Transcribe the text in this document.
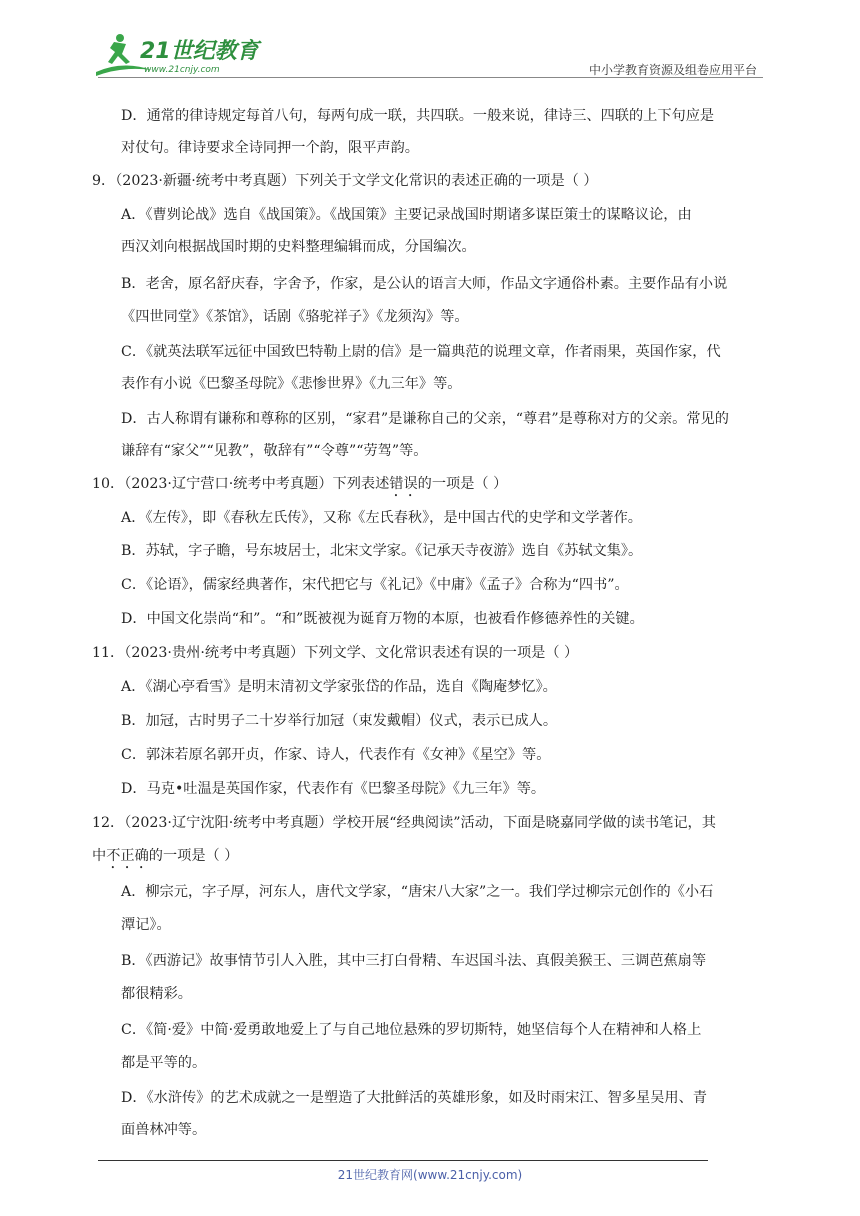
21世纪教育
www.21cnjy.com	中小学教育资源及组卷应用平台
D．通常的律诗规定每首八句，每两句成一联，共四联。一般来说，律诗三、四联的上下句应是
对仗句。律诗要求全诗同押一个韵，限平声韵。
9．（2023·新疆·统考中考真题）下列关于文学文化常识的表述正确的一项是（ ）
A．《曹刿论战》选自《战国策》。《战国策》主要记录战国时期诸多谋臣策士的谋略议论，由
西汉刘向根据战国时期的史料整理编辑而成，分国编次。
B．老舍，原名舒庆春，字舍予，作家，是公认的语言大师，作品文字通俗朴素。主要作品有小说
《四世同堂》《茶馆》，话剧《骆驼祥子》《龙须沟》等。
C．《就英法联军远征中国致巴特勒上尉的信》是一篇典范的说理文章，作者雨果，英国作家，代
表作有小说《巴黎圣母院》《悲惨世界》《九三年》等。
D．古人称谓有谦称和尊称的区别，“家君”是谦称自己的父亲，“尊君”是尊称对方的父亲。常见的
谦辞有“家父”“见教”，敬辞有”“令尊”“劳驾”等。
10．（2023·辽宁营口·统考中考真题）下列表述错误的一项是（ ）
A．《左传》，即《春秋左氏传》，又称《左氏春秋》，是中国古代的史学和文学著作。
B．苏轼，字子瞻，号东坡居士，北宋文学家。《记承天寺夜游》选自《苏轼文集》。
C．《论语》，儒家经典著作，宋代把它与《礼记》《中庸》《孟子》合称为“四书”。
D．中国文化崇尚“和”。“和”既被视为诞育万物的本原，也被看作修德养性的关键。
11．（2023·贵州·统考中考真题）下列文学、文化常识表述有误的一项是（ ）
A．《湖心亭看雪》是明末清初文学家张岱的作品，选自《陶庵梦忆》。
B．加冠，古时男子二十岁举行加冠（束发戴帽）仪式，表示已成人。
C．郭沫若原名郭开贞，作家、诗人，代表作有《女神》《星空》等。
D．马克•吐温是英国作家，代表作有《巴黎圣母院》《九三年》等。
12．（2023·辽宁沈阳·统考中考真题）学校开展“经典阅读”活动，下面是晓嘉同学做的读书笔记，其
中不正确的一项是（ ）
A．柳宗元，字子厚，河东人，唐代文学家，“唐宋八大家”之一。我们学过柳宗元创作的《小石
潭记》。
B．《西游记》故事情节引人入胜，其中三打白骨精、车迟国斗法、真假美猴王、三调芭蕉扇等
都很精彩。
C．《简·爱》中简·爱勇敢地爱上了与自己地位悬殊的罗切斯特，她坚信每个人在精神和人格上
都是平等的。
D．《水浒传》的艺术成就之一是塑造了大批鲜活的英雄形象，如及时雨宋江、智多星吴用、青
面兽林冲等。
21世纪教育网(www.21cnjy.com)
